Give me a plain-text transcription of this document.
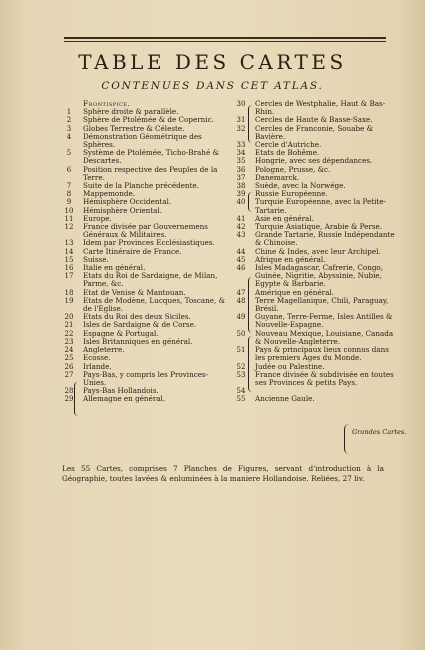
TABLE DES CARTES
CONTENUES DANS CET ATLAS.
Frontispice.
1	Sphère droite & parallèle.
2	Sphère de Ptolémée & de Copernic.
3	Globes Terrestre & Céleste.
4	Démonstration Géométrique des Sphères.
5	Système de Ptolémée, Ticho-Brahé & Descartes.
6	Position respective des Peuples de la Terre.
7	Suite de la Planche précédente.
8	Mappemonde.
9	Hémisphère Occidental.
10	Hémisphère Oriental.
11	Europe.
12	France divisée par Gouvernemens Généraux & Militaires.
13	Idem par Provinces Ecclésiastiques.
14	Carte Itinéraire de France.
15	Suisse.
16	Italie en général.
17	Etats du Roi de Sardaigne, de Milan, Parme, &c.
18	Etat de Venise & Mantouan.
19	Etats de Modène, Lucques, Toscane, & de l'Eglise.
20	Etats du Roi des deux Siciles.
21	Isles de Sardaigne & de Corse.
22	Espagne & Portugal.
23	Isles Britanniques en général.
24	Angleterre.
25	Ecosse.
26	Irlande.
27	Pays-Bas, y compris les Provinces-Unies.
28	Pays-Bas Hollandois.
29	Allemagne en général.
30	Cercles de Westphalie, Haut & Bas-Rhin.
31	Cercles de Haute & Basse-Saxe.
32	Cercles de Franconie, Souabe & Bavière.
33	Cercle d'Autriche.
34	Etats de Bohême.
35	Hongrie, avec ses dépendances.
36	Pologne, Prusse, &c.
37	Danemarck.
38	Suède, avec la Norwége.
39	Russie Européenne.
40	Turquie Européenne, avec la Petite-Tartarie.
41	Asie en général.
42	Turquie Asiatique, Arabie & Perse.
43	Grande Tartarie, Russie Indépendante & Chinoise.
44	Chine & Indes, avec leur Archipel.
45	Afrique en général.
46	Isles Madagascar, Cafrerie, Congo, Guinée, Nigritie, Abyssinie, Nubie, Egypte & Barbarie.
47	Amérique en général.
48	Terre Magellanique, Chili, Paraguay, Brésil.
49	Guyane, Terre-Ferme, Isles Antilles & Nouvelle-Espagne.
50	Nouveau Mexique, Louisiane, Canada & Nouvelle-Angleterre.
51	Pays & principaux lieux connus dans les premiers Ages du Monde.
52	Judée ou Palestine.
53	France divisée & subdivisée en toutes ses Provinces & petits Pays.
54
55	Ancienne Gaule.
Grandes Cartes.
Les 55 Cartes, comprises 7 Planches de Figures, servant d'introduction à la Géographie, toutes lavées & enluminées à la maniere Hollandoise. Reliées, 27 liv.
